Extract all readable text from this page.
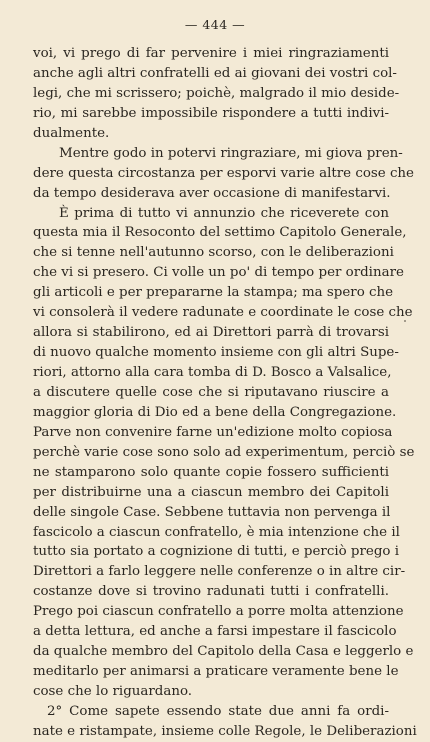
— 444 —
voi, vi prego di far pervenire i miei ringraziamenti
anche agli altri confratelli ed ai giovani dei vostri col-
legi, che mi scrissero; poichè, malgrado il mio deside-
rio, mi sarebbe impossibile rispondere a tutti indivi-
dualmente.
Mentre godo in potervi ringraziare, mi giova pren-
dere questa circostanza per esporvi varie altre cose che
da tempo desiderava aver occasione di manifestarvi.
È prima di tutto vi annunzio che riceverete con
questa mia il Resoconto del settimo Capitolo Generale,
che si tenne nell'autunno scorso, con le deliberazioni
che vi si presero. Ci volle un po' di tempo per ordinare
gli articoli e per prepararne la stampa; ma spero che
vi consolerà il vedere radunate e coordinate le cose che
allora si stabilirono, ed ai Direttori parrà di trovarsi
di nuovo qualche momento insieme con gli altri Supe-
riori, attorno alla cara tomba di D. Bosco a Valsalice,
a discutere quelle cose che si riputavano riuscire a
maggior gloria di Dio ed a bene della Congregazione.
Parve non convenire farne un'edizione molto copiosa
perchè varie cose sono solo ad experimentum, perciò se
ne stamparono solo quante copie fossero sufficienti
per distribuirne una a ciascun membro dei Capitoli
delle singole Case. Sebbene tuttavia non pervenga il
fascicolo a ciascun confratello, è mia intenzione che il
tutto sia portato a cognizione di tutti, e perciò prego i
Direttori a farlo leggere nelle conferenze o in altre cir-
costanze dove si trovino radunati tutti i confratelli.
Prego poi ciascun confratello a porre molta attenzione
a detta lettura, ed anche a farsi impestare il fascicolo
da qualche membro del Capitolo della Casa e leggerlo e
meditarlo per animarsi a praticare veramente bene le
cose che lo riguardano.
2° Come sapete essendo state due anni fa ordi-
nate e ristampate, insieme colle Regole, le Deliberazioni
